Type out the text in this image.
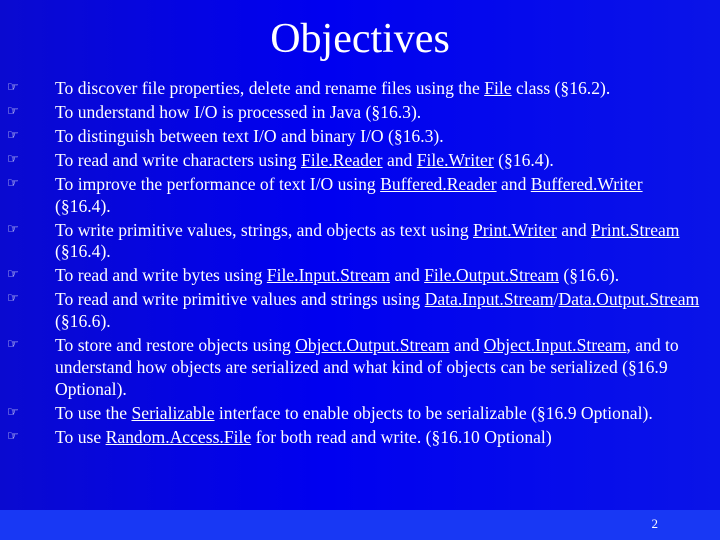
Objectives
☞ To discover file properties, delete and rename files using the File class (§16.2).
☞ To understand how I/O is processed in Java (§16.3).
☞ To distinguish between text I/O and binary I/O (§16.3).
☞ To read and write characters using File.Reader and File.Writer (§16.4).
☞ To improve the performance of text I/O using Buffered.Reader and Buffered.Writer (§16.4).
☞ To write primitive values, strings, and objects as text using Print.Writer and Print.Stream (§16.4).
☞ To read and write bytes using File.Input.Stream and File.Output.Stream (§16.6).
☞ To read and write primitive values and strings using Data.Input.Stream/Data.Output.Stream (§16.6).
☞ To store and restore objects using Object.Output.Stream and Object.Input.Stream, and to understand how objects are serialized and what kind of objects can be serialized (§16.9 Optional).
☞ To use the Serializable interface to enable objects to be serializable (§16.9 Optional).
☞ To use Random.Access.File for both read and write. (§16.10 Optional)
2
